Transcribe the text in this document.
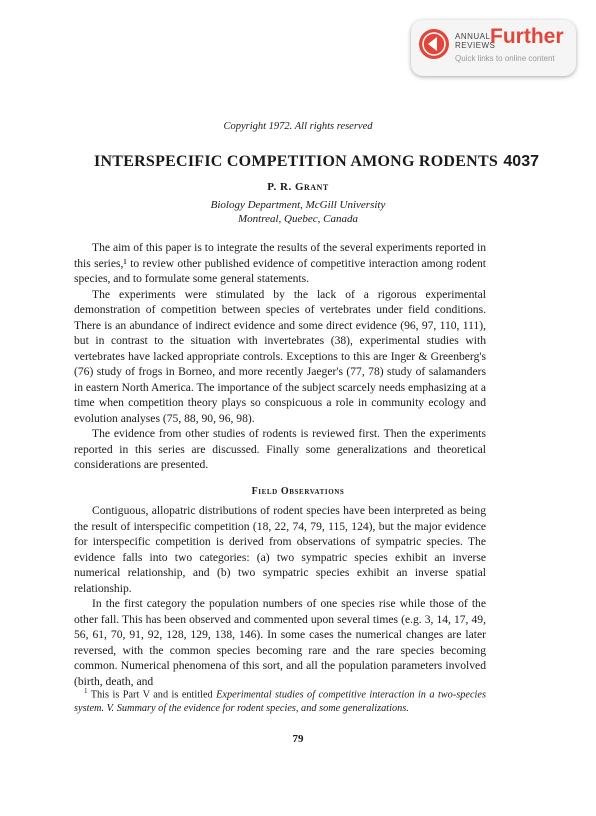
ANNUAL
REVIEWS
Further
Quick links to online content
Copyright 1972. All rights reserved
INTERSPECIFIC COMPETITION AMONG RODENTS 4037
P. R. Grant
Biology Department, McGill University
Montreal, Quebec, Canada

The aim of this paper is to integrate the results of the several experiments reported in this series,¹ to review other published evidence of competitive interaction among rodent species, and to formulate some general statements.

The experiments were stimulated by the lack of a rigorous experimental demonstration of competition between species of vertebrates under field conditions. There is an abundance of indirect evidence and some direct evidence (96, 97, 110, 111), but in contrast to the situation with invertebrates (38), experimental studies with vertebrates have lacked appropriate controls. Exceptions to this are Inger & Greenberg's (76) study of frogs in Borneo, and more recently Jaeger's (77, 78) study of salamanders in eastern North America. The importance of the subject scarcely needs emphasizing at a time when competition theory plays so conspicuous a role in community ecology and evolution analyses (75, 88, 90, 96, 98).

The evidence from other studies of rodents is reviewed first. Then the experiments reported in this series are discussed. Finally some generalizations and theoretical considerations are presented.

Field Observations

Contiguous, allopatric distributions of rodent species have been interpreted as being the result of interspecific competition (18, 22, 74, 79, 115, 124), but the major evidence for interspecific competition is derived from observations of sympatric species. The evidence falls into two categories: (a) two sympatric species exhibit an inverse numerical relationship, and (b) two sympatric species exhibit an inverse spatial relationship.

In the first category the population numbers of one species rise while those of the other fall. This has been observed and commented upon several times (e.g. 3, 14, 17, 49, 56, 61, 70, 91, 92, 128, 129, 138, 146). In some cases the numerical changes are later reversed, with the common species becoming rare and the rare species becoming common. Numerical phenomena of this sort, and all the population parameters involved (birth, death, and

$^1$ This is Part V and is entitled Experimental studies of competitive interaction in a two-species system. V. Summary of the evidence for rodent species, and some generalizations.

79
